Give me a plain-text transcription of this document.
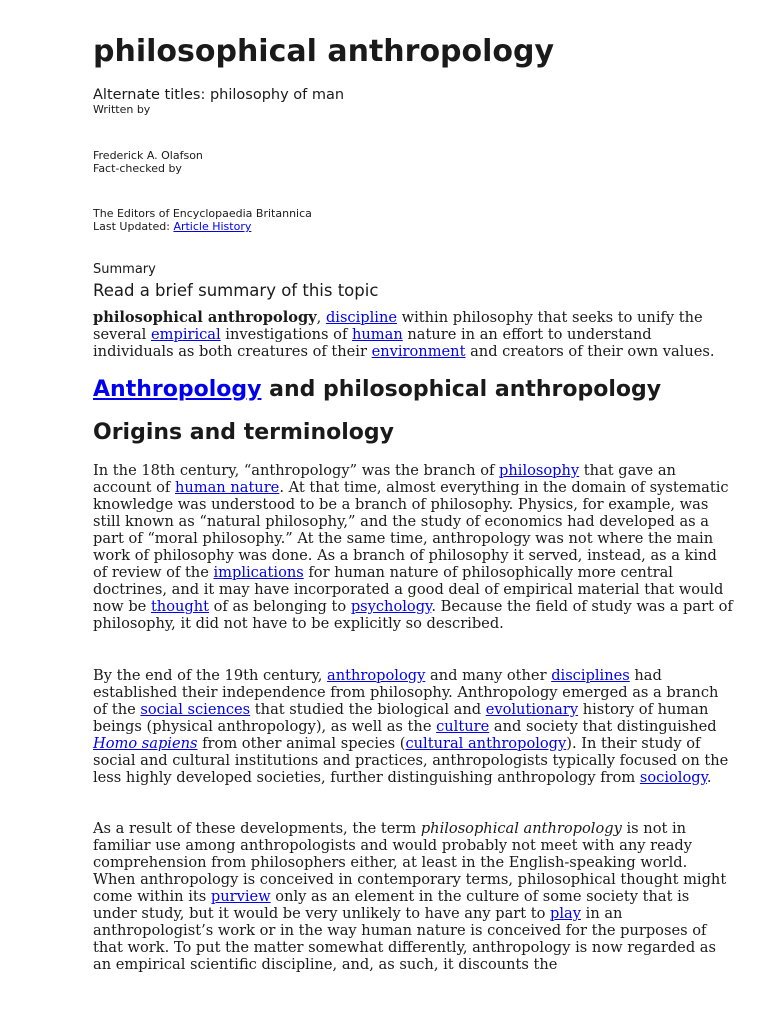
philosophical anthropology
Alternate titles: philosophy of man
Written by
Frederick A. Olafson
Fact-checked by
The Editors of Encyclopaedia Britannica
Last Updated: Article History
Summary
Read a brief summary of this topic

philosophical anthropology, discipline within philosophy that seeks to unify the several empirical investigations of human nature in an effort to understand individuals as both creatures of their environment and creators of their own values.

Anthropology and philosophical anthropology
Origins and terminology

In the 18th century, “anthropology” was the branch of philosophy that gave an account of human nature. At that time, almost everything in the domain of systematic knowledge was understood to be a branch of philosophy. Physics, for example, was still known as “natural philosophy,” and the study of economics had developed as a part of “moral philosophy.” At the same time, anthropology was not where the main work of philosophy was done. As a branch of philosophy it served, instead, as a kind of review of the implications for human nature of philosophically more central doctrines, and it may have incorporated a good deal of empirical material that would now be thought of as belonging to psychology. Because the field of study was a part of philosophy, it did not have to be explicitly so described.

By the end of the 19th century, anthropology and many other disciplines had established their independence from philosophy. Anthropology emerged as a branch of the social sciences that studied the biological and evolutionary history of human beings (physical anthropology), as well as the culture and society that distinguished Homo sapiens from other animal species (cultural anthropology). In their study of social and cultural institutions and practices, anthropologists typically focused on the less highly developed societies, further distinguishing anthropology from sociology.

As a result of these developments, the term philosophical anthropology is not in familiar use among anthropologists and would probably not meet with any ready comprehension from philosophers either, at least in the English-speaking world. When anthropology is conceived in contemporary terms, philosophical thought might come within its purview only as an element in the culture of some society that is under study, but it would be very unlikely to have any part to play in an anthropologist’s work or in the way human nature is conceived for the purposes of that work. To put the matter somewhat differently, anthropology is now regarded as an empirical scientific discipline, and, as such, it discounts the
